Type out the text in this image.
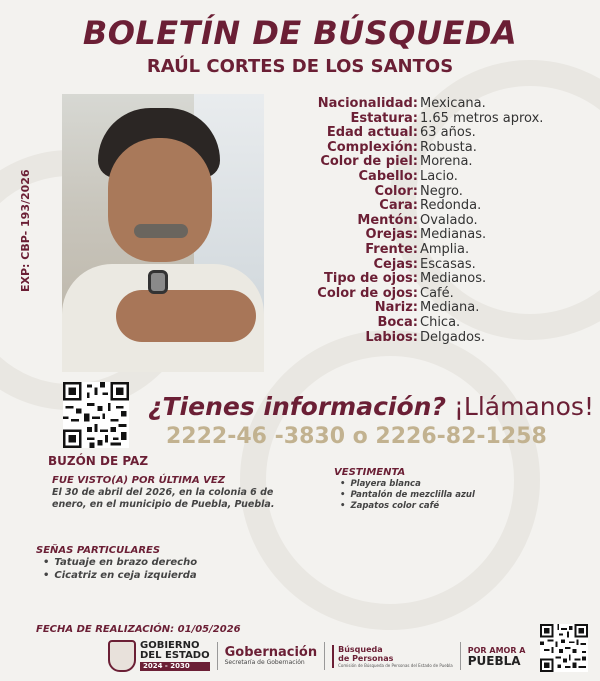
BOLETÍN DE BÚSQUEDA
RAÚL CORTES DE LOS SANTOS
EXP: CBP- 193/2026
Nacionalidad: Mexicana.
Estatura: 1.65 metros aprox.
Edad actual: 63 años.
Complexión: Robusta.
Color de piel: Morena.
Cabello: Lacio.
Color: Negro.
Cara: Redonda.
Mentón: Ovalado.
Orejas: Medianas.
Frente: Amplia.
Cejas: Escasas.
Tipo de ojos: Medianos.
Color de ojos: Café.
Nariz: Mediana.
Boca: Chica.
Labios: Delgados.
BUZÓN DE PAZ
¿Tienes información? ¡Llámanos!
2222-46 -3830 o 2226-82-1258
FUE VISTO(A) POR ÚLTIMA VEZ
El 30 de abril del 2026, en la colonia 6 de enero, en el municipio de Puebla, Puebla.
VESTIMENTA
• Playera blanca
• Pantalón de mezclilla azul
• Zapatos color café
SEÑAS PARTICULARES
• Tatuaje en brazo derecho
• Cicatriz en ceja izquierda
FECHA DE REALIZACIÓN: 01/05/2026
GOBIERNO
DEL ESTADO
2024 - 2030
Gobernación
Secretaría de Gobernación
Búsqueda
de Personas
Comisión de Búsqueda de Personas del Estado de Puebla
POR AMOR A
PUEBLA
